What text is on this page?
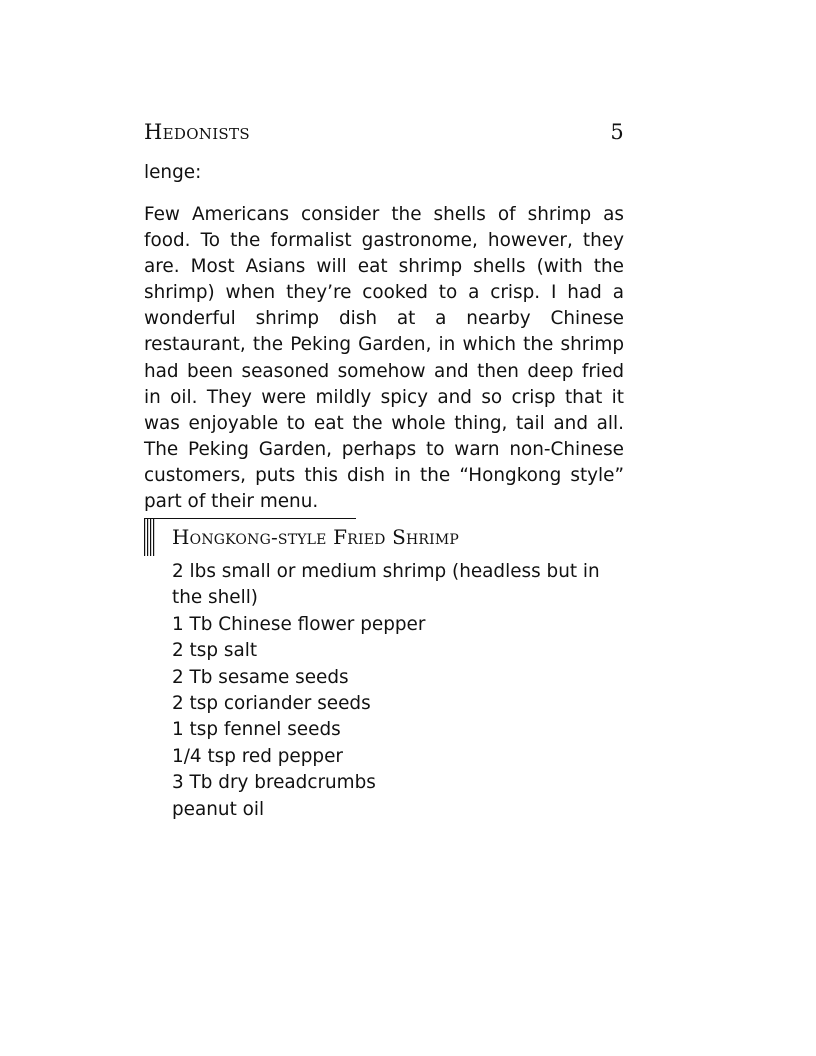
Hedonists	5

lenge:

Few Americans consider the shells of shrimp as food. To the formalist gastronome, however, they are. Most Asians will eat shrimp shells (with the shrimp) when they’re cooked to a crisp. I had a wonderful shrimp dish at a nearby Chinese restaurant, the Peking Garden, in which the shrimp had been seasoned somehow and then deep fried in oil. They were mildly spicy and so crisp that it was enjoyable to eat the whole thing, tail and all. The Peking Garden, perhaps to warn non-Chinese customers, puts this dish in the “Hongkong style” part of their menu.

Hongkong-style Fried Shrimp
2 lbs small or medium shrimp (headless but in the shell)
1 Tb Chinese flower pepper
2 tsp salt
2 Tb sesame seeds
2 tsp coriander seeds
1 tsp fennel seeds
1/4 tsp red pepper
3 Tb dry breadcrumbs
peanut oil
